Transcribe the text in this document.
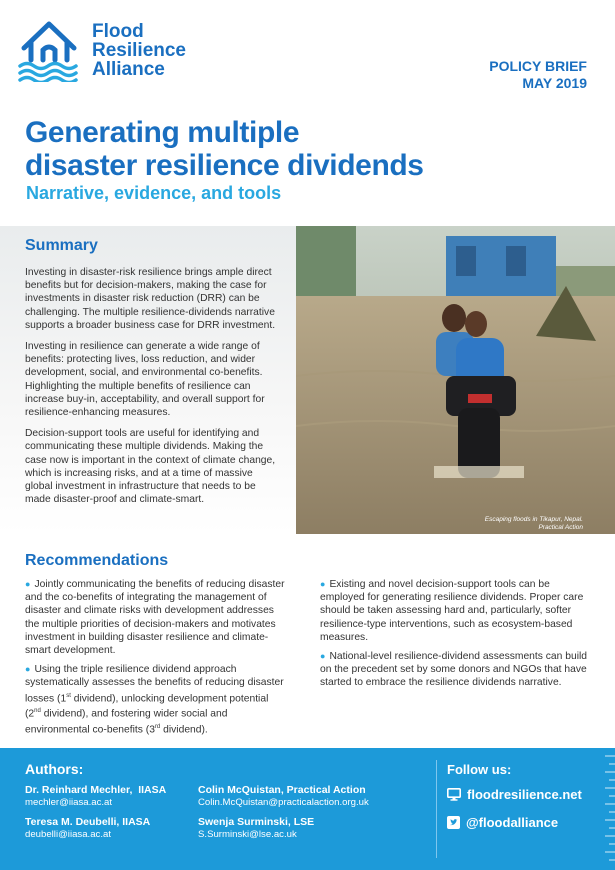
Flood
Resilience
Alliance	POLICY BRIEF
MAY 2019
Generating multiple
disaster resilience dividends
Narrative, evidence, and tools
Summary

Investing in disaster-risk resilience brings ample direct benefits but for decision-makers, making the case for investments in disaster risk reduction (DRR) can be challenging. The multiple resilience-dividends narrative supports a broader business case for DRR investment.

Investing in resilience can generate a wide range of benefits: protecting lives, loss reduction, and wider development, social, and environmental co-benefits. Highlighting the multiple benefits of resilience can increase buy-in, acceptability, and overall support for resilience-enhancing measures.

Decision-support tools are useful for identifying and communicating these multiple dividends. Making the case now is important in the context of climate change, which is increasing risks, and at a time of massive global investment in infrastructure that needs to be made disaster-proof and climate-smart.

Escaping floods in Tikapur, Nepal.
Practical Action
Recommendations

● Jointly communicating the benefits of reducing disaster and the co-benefits of integrating the management of disaster and climate risks with development addresses the multiple priorities of decision-makers and motivates investment in building disaster resilience and climate-smart development.

● Using the triple resilience dividend approach systematically assesses the benefits of reducing disaster losses (1st dividend), unlocking development potential (2nd dividend), and fostering wider social and environmental co-benefits (3rd dividend).

● Existing and novel decision-support tools can be employed for generating resilience dividends. Proper care should be taken assessing hard and, particularly, softer resilience-type interventions, such as ecosystem-based measures.

● National-level resilience-dividend assessments can build on the precedent set by some donors and NGOs that have started to embrace the resilience dividends narrative.

Authors:
Dr. Reinhard Mechler,  IIASA
mechler@iiasa.ac.at
Colin McQuistan, Practical Action
Colin.McQuistan@practicalaction.org.uk
Teresa M. Deubelli, IIASA
deubelli@iiasa.ac.at
Swenja Surminski, LSE
S.Surminski@lse.ac.uk
Follow us:
floodresilience.net
@floodalliance
